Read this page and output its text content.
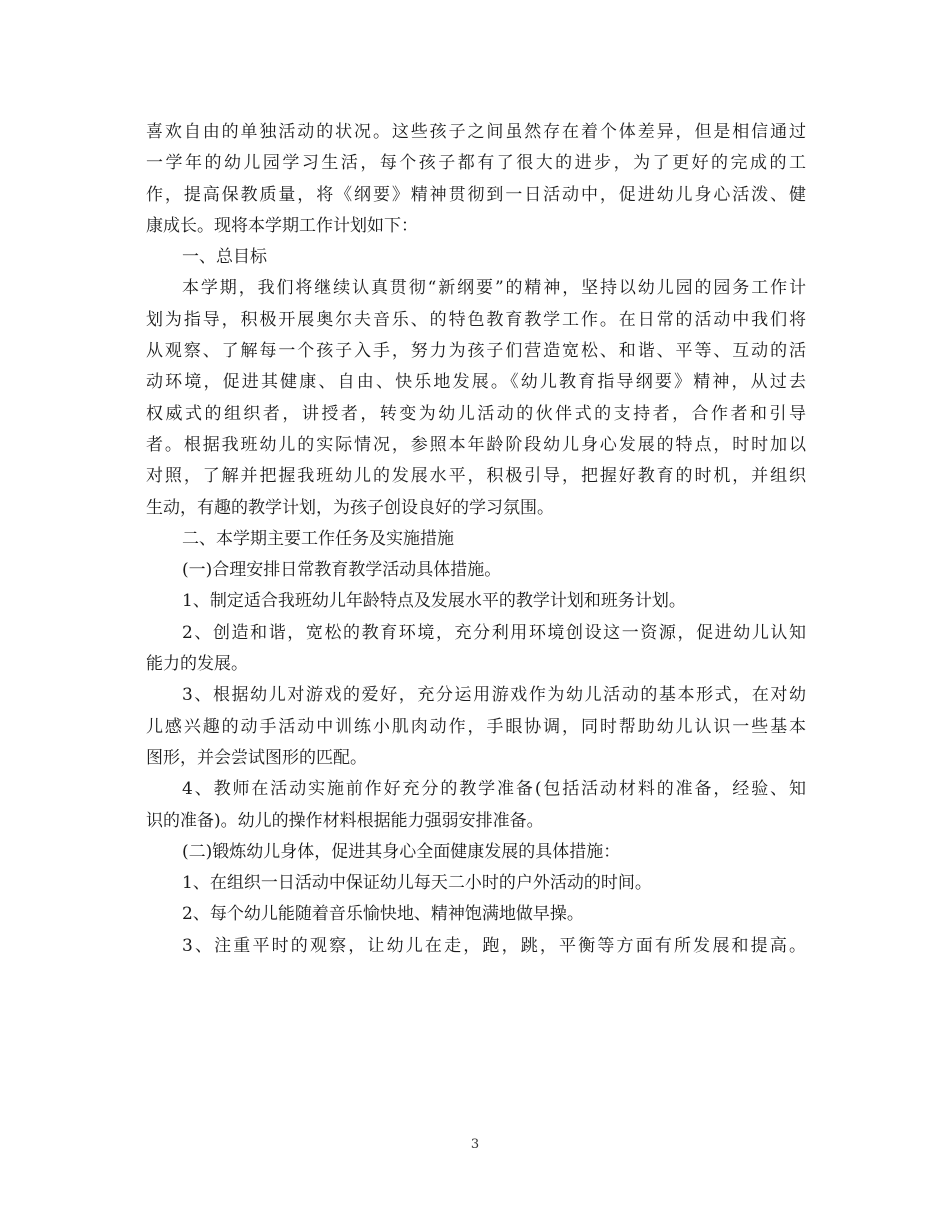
喜欢自由的单独活动的状况。这些孩子之间虽然存在着个体差异，但是相信通过
一学年的幼儿园学习生活，每个孩子都有了很大的进步，为了更好的完成的工
作，提高保教质量，将《纲要》精神贯彻到一日活动中，促进幼儿身心活泼、健
康成长。现将本学期工作计划如下：
一、总目标
本学期，我们将继续认真贯彻“新纲要”的精神，坚持以幼儿园的园务工作计
划为指导，积极开展奥尔夫音乐、的特色教育教学工作。在日常的活动中我们将
从观察、了解每一个孩子入手，努力为孩子们营造宽松、和谐、平等、互动的活
动环境，促进其健康、自由、快乐地发展。《幼儿教育指导纲要》精神，从过去
权威式的组织者，讲授者，转变为幼儿活动的伙伴式的支持者，合作者和引导
者。根据我班幼儿的实际情况，参照本年龄阶段幼儿身心发展的特点，时时加以
对照，了解并把握我班幼儿的发展水平，积极引导，把握好教育的时机，并组织
生动，有趣的教学计划，为孩子创设良好的学习氛围。
二、本学期主要工作任务及实施措施
(一)合理安排日常教育教学活动具体措施。
1、制定适合我班幼儿年龄特点及发展水平的教学计划和班务计划。
2、创造和谐，宽松的教育环境，充分利用环境创设这一资源，促进幼儿认知
能力的发展。
3、根据幼儿对游戏的爱好，充分运用游戏作为幼儿活动的基本形式，在对幼
儿感兴趣的动手活动中训练小肌肉动作，手眼协调，同时帮助幼儿认识一些基本
图形，并会尝试图形的匹配。
4、教师在活动实施前作好充分的教学准备(包括活动材料的准备，经验、知
识的准备)。幼儿的操作材料根据能力强弱安排准备。
(二)锻炼幼儿身体，促进其身心全面健康发展的具体措施：
1、在组织一日活动中保证幼儿每天二小时的户外活动的时间。
2、每个幼儿能随着音乐愉快地、精神饱满地做早操。
3、注重平时的观察，让幼儿在走，跑，跳，平衡等方面有所发展和提高。
3
